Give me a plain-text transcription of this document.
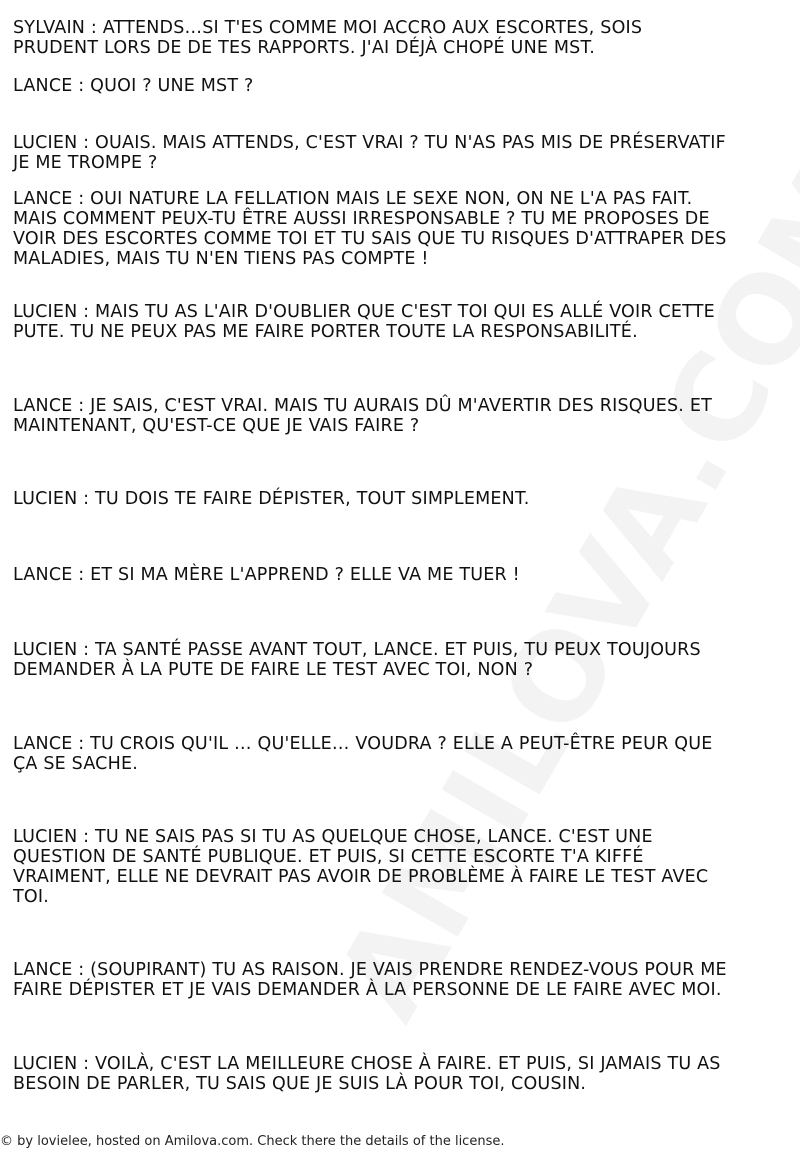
SYLVAIN : ATTENDS…SI T'ES COMME MOI ACCRO AUX ESCORTES, SOIS
PRUDENT LORS DE DE TES RAPPORTS. J'AI DÉJÀ CHOPÉ UNE MST.

LANCE : QUOI ? UNE MST ?

LUCIEN : OUAIS. MAIS ATTENDS, C'EST VRAI ? TU N'AS PAS MIS DE PRÉSERVATIF
JE ME TROMPE ?

LANCE : OUI NATURE LA FELLATION MAIS LE SEXE NON, ON NE L'A PAS FAIT.
MAIS COMMENT PEUX-TU ÊTRE AUSSI IRRESPONSABLE ? TU ME PROPOSES DE
VOIR DES ESCORTES COMME TOI ET TU SAIS QUE TU RISQUES D'ATTRAPER DES
MALADIES, MAIS TU N'EN TIENS PAS COMPTE !

LUCIEN : MAIS TU AS L'AIR D'OUBLIER QUE C'EST TOI QUI ES ALLÉ VOIR CETTE
PUTE. TU NE PEUX PAS ME FAIRE PORTER TOUTE LA RESPONSABILITÉ.

LANCE : JE SAIS, C'EST VRAI. MAIS TU AURAIS DÛ M'AVERTIR DES RISQUES. ET
MAINTENANT, QU'EST-CE QUE JE VAIS FAIRE ?

LUCIEN : TU DOIS TE FAIRE DÉPISTER, TOUT SIMPLEMENT.

LANCE : ET SI MA MÈRE L'APPREND ? ELLE VA ME TUER !

LUCIEN : TA SANTÉ PASSE AVANT TOUT, LANCE. ET PUIS, TU PEUX TOUJOURS
DEMANDER À LA PUTE DE FAIRE LE TEST AVEC TOI, NON ?

LANCE : TU CROIS QU'IL … QU'ELLE… VOUDRA ? ELLE A PEUT-ÊTRE PEUR QUE
ÇA SE SACHE.

LUCIEN : TU NE SAIS PAS SI TU AS QUELQUE CHOSE, LANCE. C'EST UNE
QUESTION DE SANTÉ PUBLIQUE. ET PUIS, SI CETTE ESCORTE T'A KIFFÉ
VRAIMENT, ELLE NE DEVRAIT PAS AVOIR DE PROBLÈME À FAIRE LE TEST AVEC
TOI.

LANCE : (SOUPIRANT) TU AS RAISON. JE VAIS PRENDRE RENDEZ-VOUS POUR ME
FAIRE DÉPISTER ET JE VAIS DEMANDER À LA PERSONNE DE LE FAIRE AVEC MOI.

LUCIEN : VOILÀ, C'EST LA MEILLEURE CHOSE À FAIRE. ET PUIS, SI JAMAIS TU AS
BESOIN DE PARLER, TU SAIS QUE JE SUIS LÀ POUR TOI, COUSIN.

© by lovielee, hosted on Amilova.com. Check there the details of the license.
